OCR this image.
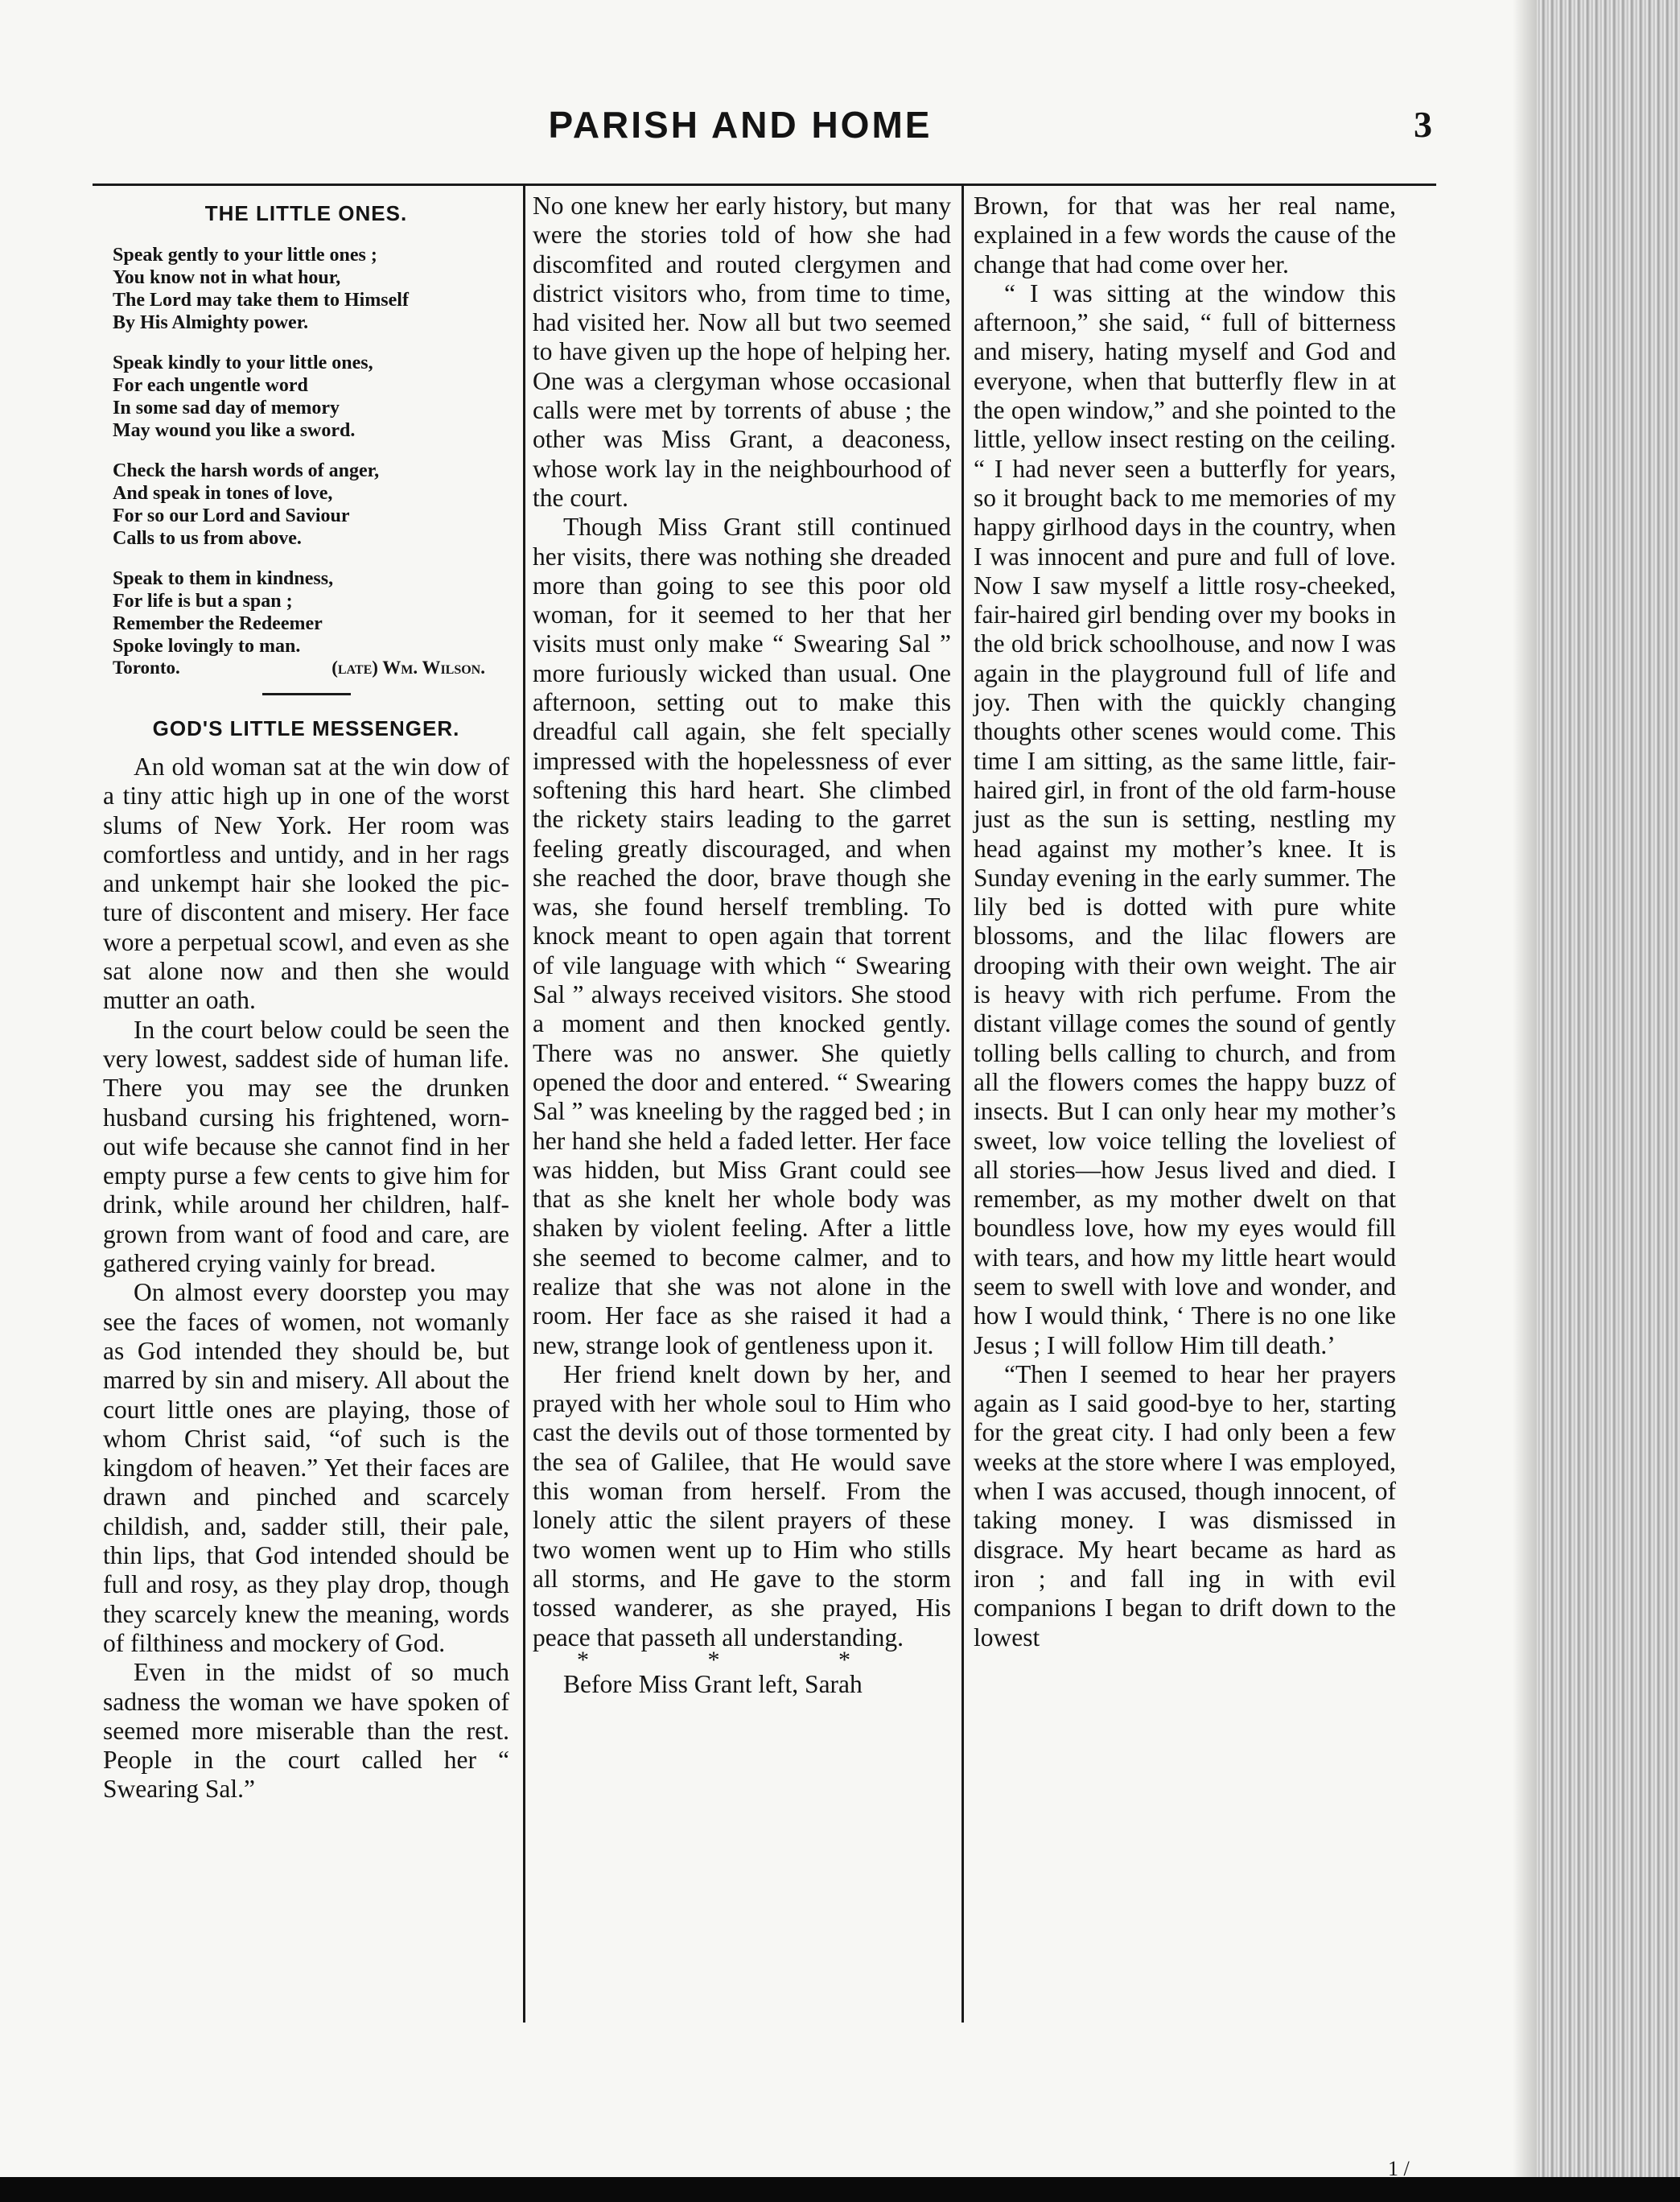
PARISH AND HOME	3
THE LITTLE ONES.
Speak gently to your little ones ;
You know not in what hour,
The Lord may take them to Himself
By His Almighty power.
Speak kindly to your little ones,
For each ungentle word
In some sad day of memory
May wound you like a sword.
Check the harsh words of anger,
And speak in tones of love,
For so our Lord and Saviour
Calls to us from above.
Speak to them in kindness,
For life is but a span ;
Remember the Redeemer
Spoke lovingly to man.
Toronto.	(late) Wm. Wilson.
GOD'S LITTLE MESSENGER.

An old woman sat at the win dow of a tiny attic high up in one of the worst slums of New York. Her room was comfortless and untidy, and in her rags and unkempt hair she looked the picture of discontent and misery. Her face wore a perpetual scowl, and even as she sat alone now and then she would mutter an oath.

In the court below could be seen the very lowest, saddest side of human life. There you may see the drunken husband cursing his frightened, worn-out wife because she cannot find in her empty purse a few cents to give him for drink, while around her children, half-grown from want of food and care, are gathered crying vainly for bread.

On almost every doorstep you may see the faces of women, not womanly as God intended they should be, but marred by sin and misery. All about the court little ones are playing, those of whom Christ said, “of such is the kingdom of heaven.” Yet their faces are drawn and pinched and scarcely childish, and, sadder still, their pale, thin lips, that God intended should be full and rosy, as they play drop, though they scarcely knew the meaning, words of filthiness and mockery of God.

Even in the midst of so much sadness the woman we have spoken of seemed more miserable than the rest. People in the court called her “ Swearing Sal.”

No one knew her early history, but many were the stories told of how she had discomfited and routed clergymen and district visitors who, from time to time, had visited her. Now all but two seemed to have given up the hope of helping her. One was a clergyman whose occasional calls were met by torrents of abuse ; the other was Miss Grant, a deaconess, whose work lay in the neighbourhood of the court.

Though Miss Grant still continued her visits, there was nothing she dreaded more than going to see this poor old woman, for it seemed to her that her visits must only make “ Swearing Sal ” more furiously wicked than usual. One afternoon, setting out to make this dreadful call again, she felt specially impressed with the hopelessness of ever softening this hard heart. She climbed the rickety stairs leading to the garret feeling greatly discouraged, and when she reached the door, brave though she was, she found herself trembling. To knock meant to open again that torrent of vile language with which “ Swearing Sal ” always received visitors. She stood a moment and then knocked gently. There was no answer. She quietly opened the door and entered. “ Swearing Sal ” was kneeling by the ragged bed ; in her hand she held a faded letter. Her face was hidden, but Miss Grant could see that as she knelt her whole body was shaken by violent feeling. After a little she seemed to become calmer, and to realize that she was not alone in the room. Her face as she raised it had a new, strange look of gentleness upon it.

Her friend knelt down by her, and prayed with her whole soul to Him who cast the devils out of those tormented by the sea of Galilee, that He would save this woman from herself. From the lonely attic the silent prayers of these two women went up to Him who stills all storms, and He gave to the storm tossed wanderer, as she prayed, His peace that passeth all understanding.

* * *

Before Miss Grant left, Sarah

Brown, for that was her real name, explained in a few words the cause of the change that had come over her.

“ I was sitting at the window this afternoon,” she said, “ full of bitterness and misery, hating myself and God and everyone, when that butterfly flew in at the open window,” and she pointed to the little, yellow insect resting on the ceiling. “ I had never seen a butterfly for years, so it brought back to me memories of my happy girlhood days in the country, when I was innocent and pure and full of love. Now I saw myself a little rosy-cheeked, fair-haired girl bending over my books in the old brick schoolhouse, and now I was again in the playground full of life and joy. Then with the quickly changing thoughts other scenes would come. This time I am sitting, as the same little, fair-haired girl, in front of the old farm-house just as the sun is setting, nestling my head against my mother’s knee. It is Sunday evening in the early summer. The lily bed is dotted with pure white blossoms, and the lilac flowers are drooping with their own weight. The air is heavy with rich perfume. From the distant village comes the sound of gently tolling bells calling to church, and from all the flowers comes the happy buzz of insects. But I can only hear my mother’s sweet, low voice telling the loveliest of all stories—how Jesus lived and died. I remember, as my mother dwelt on that boundless love, how my eyes would fill with tears, and how my little heart would seem to swell with love and wonder, and how I would think, ‘ There is no one like Jesus ; I will follow Him till death.’

“Then I seemed to hear her prayers again as I said good-bye to her, starting for the great city. I had only been a few weeks at the store where I was employed, when I was accused, though innocent, of taking money. I was dismissed in disgrace. My heart became as hard as iron ; and fall ing in with evil companions I began to drift down to the lowest

1 /
